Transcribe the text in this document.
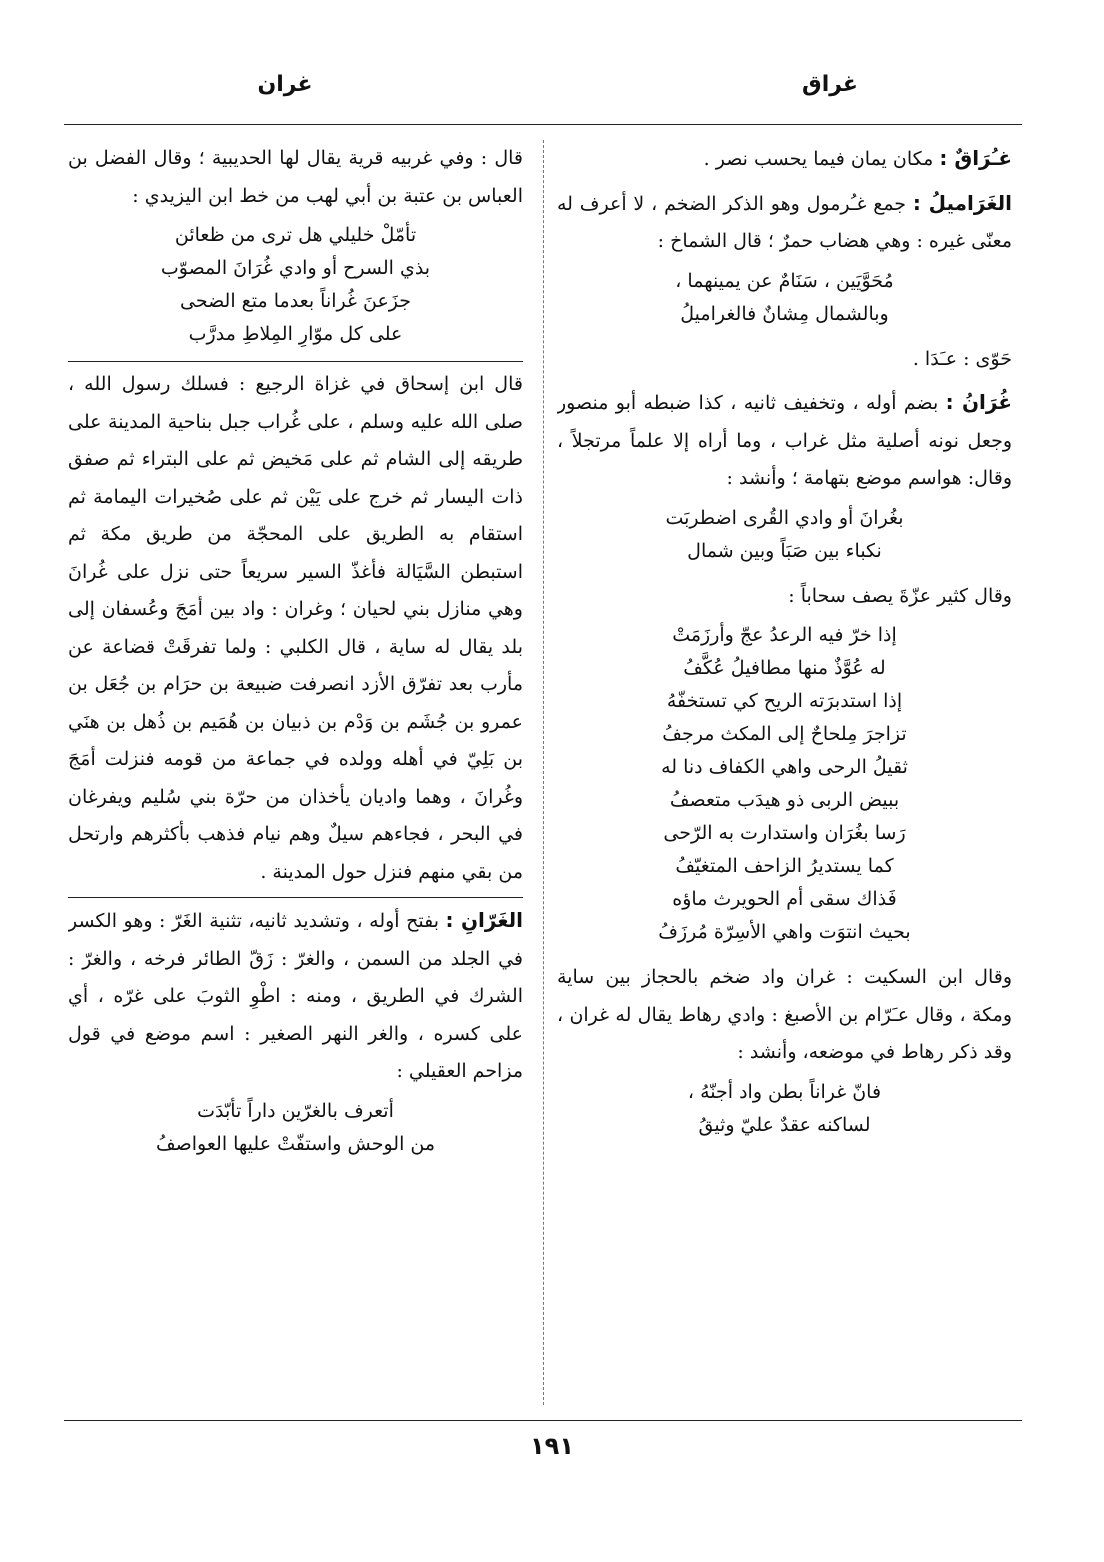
غراق
غران
غـُرَاقٌ : مكان يمان فيما يحسب نصر .
الغَرَاميلُ : جمع غـُرمول وهو الذكر الضخم ، لا أعرف له معنّى غيره : وهي هضاب حمرٌ ؛ قال الشماخ :
مُحَوَّيَين ، سَنَامٌ عن يمينهما ،
وبالشمال مِشانٌ فالغراميلُ
حَوّى : عـَدَا .
غُرَانُ : بضم أوله ، وتخفيف ثانيه ، كذا ضبطه أبو منصور وجعل نونه أصلية مثل غراب ، وما أراه إلا علماً مرتجلاً ، وقال: هواسم موضع بتهامة ؛ وأنشد :
بغُرانَ أو وادي القُرى اضطربَت
نكباء بين صَبَاً وبين شمال
وقال كثير عزّةَ يصف سحاباً :
إذا خرّ فيه الرعدُ عجّ وأرزَمَتْ
له عُوَّذٌ منها مطافيلُ عُكَّفُ
إذا استدبرَته الريح كي تستخفّهُ
تزاجرَ مِلحاحٌ إلى المكث مرجفُ
ثقيلُ الرحى واهي الكفاف دنا له
ببيض الربى ذو هيدَب متعصفُ
رَسا بغُرَان واستدارت به الرّحى
كما يستديرُ الزاحف المتغيّفُ
فَذاك سقى أم الحويرث ماؤه
بحيث انتوَت واهي الأسِرّة مُرزَفُ
وقال ابن السكيت : غران واد ضخم بالحجاز بين ساية ومكة ، وقال عـَرّام بن الأصبغ : وادي رهاط يقال له غران ، وقد ذكر رهاط في موضعه، وأنشد :
فانّ غراناً بطن واد أجنّهُ ،
لساكنه عقدٌ عليّ وثيقُ
قال : وفي غربيه قرية يقال لها الحديبية ؛ وقال الفضل بن العباس بن عتبة بن أبي لهب من خط ابن اليزيدي :
تأمّلْ خليلي هل ترى من ظعائن
بذي السرح أو وادي غُرَانَ المصوّب
جزَعنَ غُراناً بعدما متع الضحى
على كل موّارِ المِلاطِ مدرَّب
قال ابن إسحاق في غزاة الرجيع : فسلك رسول الله ، صلى الله عليه وسلم ، على غُراب جبل بناحية المدينة على طريقه إلى الشام ثم على مَخيض ثم على البتراء ثم صفق ذات اليسار ثم خرج على يَيْن ثم على صُخيرات اليمامة ثم استقام به الطريق على المحجّة من طريق مكة ثم استبطن السَّيَالة فأغذّ السير سريعاً حتى نزل على غُرانَ وهي منازل بني لحيان ؛ وغران : واد بين أمَجَ وعُسفان إلى بلد يقال له ساية ، قال الكلبي : ولما تفرقَتْ قضاعة عن مأرب بعد تفرّق الأزد انصرفت ضبيعة بن حرَام بن جُعَل بن عمرو بن جُشَم بن وَدْم بن ذبيان بن هُمَيم بن ذُهل بن هنَي بن بَلِيّ في أهله وولده في جماعة من قومه فنزلت أمَجَ وغُرانَ ، وهما واديان يأخذان من حرّة بني سُليم ويفرغان في البحر ، فجاءهم سيلٌ وهم نيام فذهب بأكثرهم وارتحل من بقي منهم فنزل حول المدينة .
الغَرّانِ : بفتح أوله ، وتشديد ثانيه، تثنية الغَرّ : وهو الكسر في الجلد من السمن ، والغرّ : زَقّ الطائر فرخه ، والغرّ : الشرك في الطريق ، ومنه : اطْوِ الثوبَ على غرّه ، أي على كسره ، والغر النهر الصغير : اسم موضع في قول مزاحم العقيلي :
أتعرف بالغرّين داراً تأبّدَت
من الوحش واستفّتْ عليها العواصفُ
١٩١
